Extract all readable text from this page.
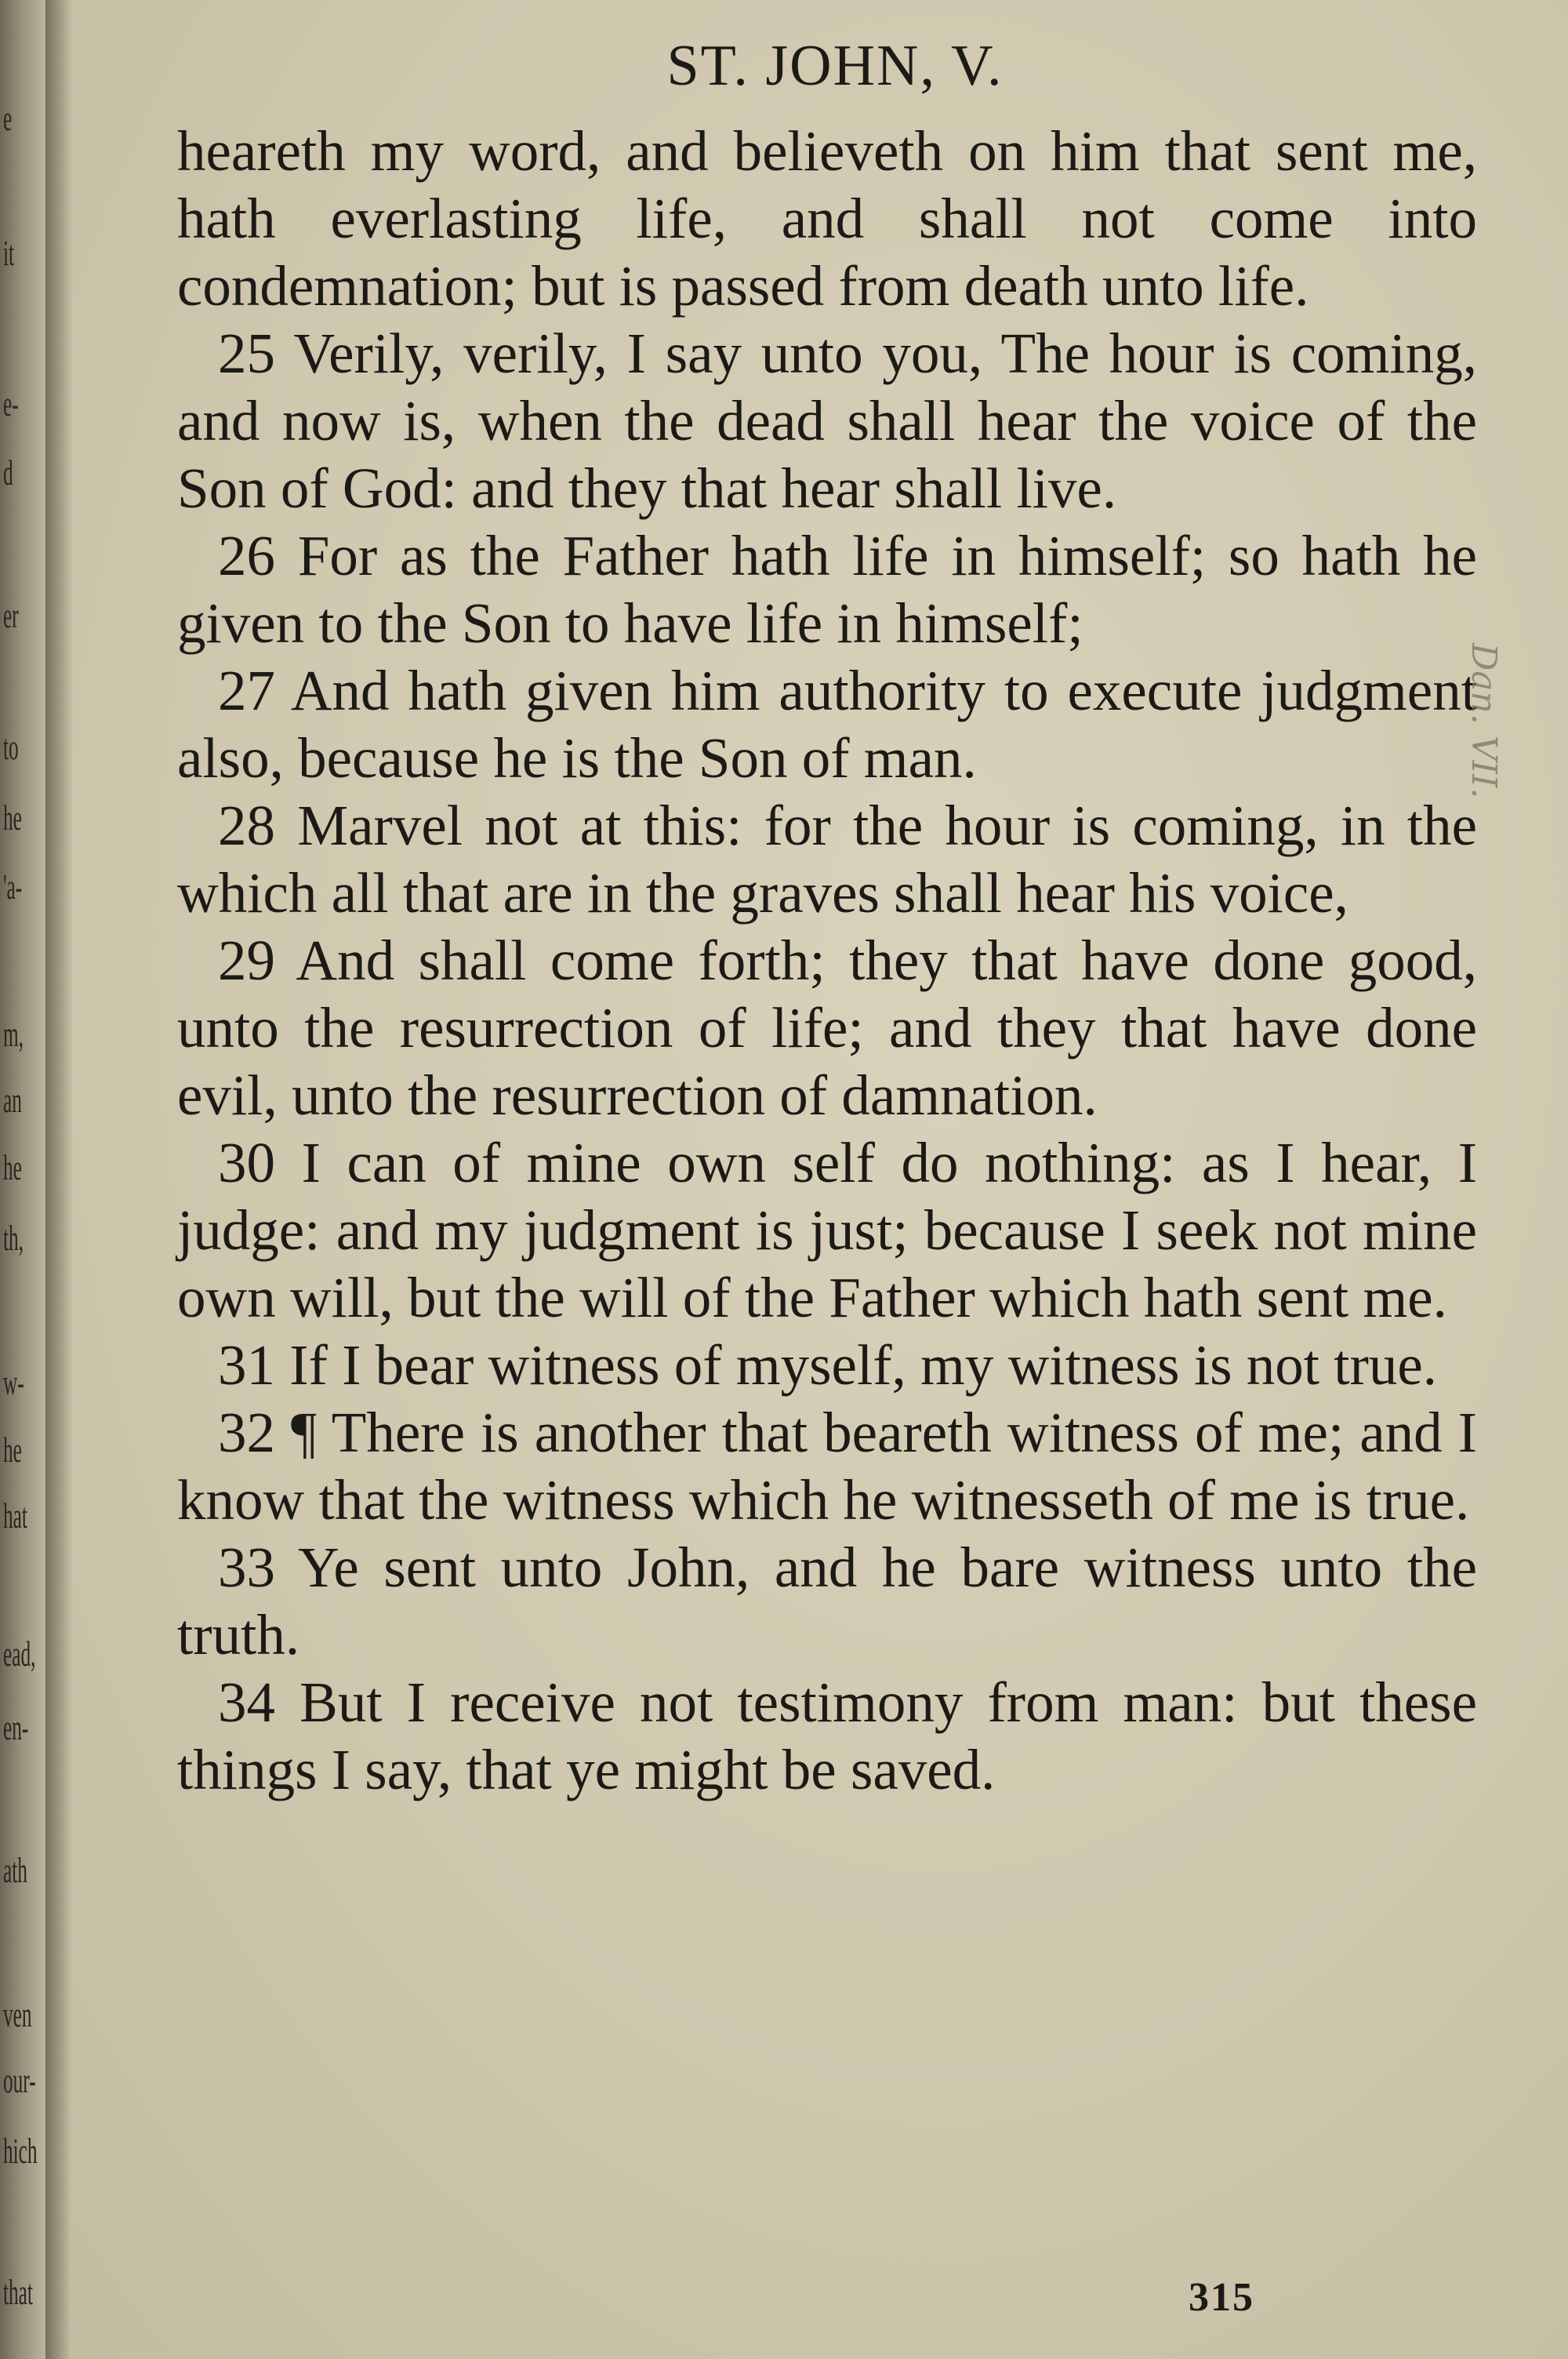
e
it
e-
d
er
to
he
'a-
m,
an
he
th,
w-
he
hat
ead,
en-
ath
ven
our-
hich
that
ST. JOHN, V.

heareth my word, and believeth on him that sent me, hath everlasting life, and shall not come into condemnation; but is passed from death unto life.

25 Verily, verily, I say unto you, The hour is coming, and now is, when the dead shall hear the voice of the Son of God: and they that hear shall live.

26 For as the Father hath life in himself; so hath he given to the Son to have life in himself;

27 And hath given him authority to execute judgment also, because he is the Son of man.

28 Marvel not at this: for the hour is coming, in the which all that are in the graves shall hear his voice,

29 And shall come forth; they that have done good, unto the resurrection of life; and they that have done evil, unto the resurrection of damnation.

30 I can of mine own self do nothing: as I hear, I judge: and my judgment is just; because I seek not mine own will, but the will of the Father which hath sent me.

31 If I bear witness of myself, my witness is not true.

32 ¶ There is another that beareth witness of me; and I know that the witness which he witnesseth of me is true.

33 Ye sent unto John, and he bare witness unto the truth.

34 But I receive not testimony from man: but these things I say, that ye might be saved.

Dan. VII.
315
